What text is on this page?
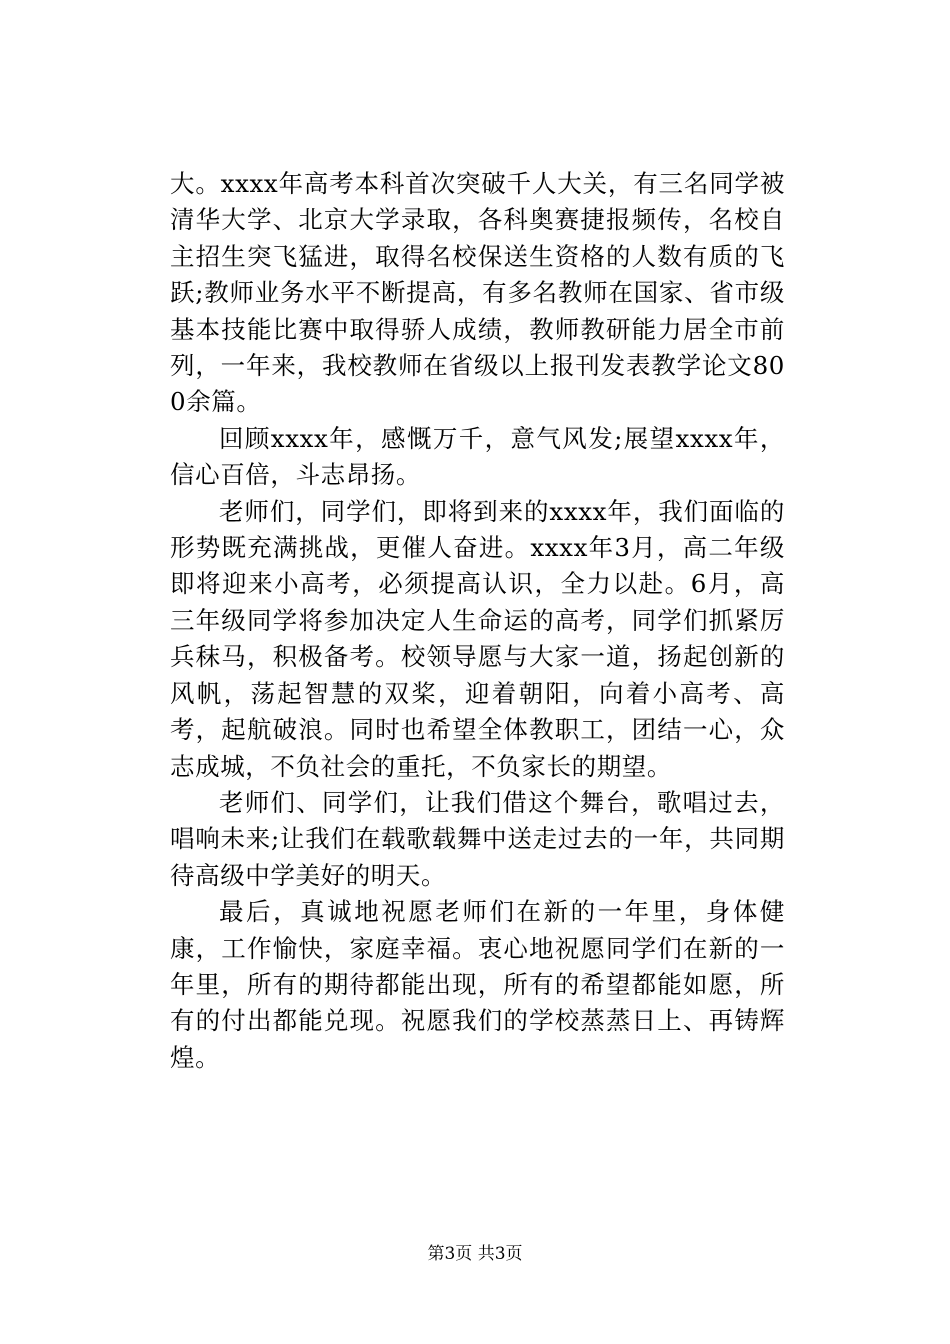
大。xxxx年高考本科首次突破千人大关，有三名同学被清华大学、北京大学录取，各科奥赛捷报频传，名校自主招生突飞猛进，取得名校保送生资格的人数有质的飞跃;教师业务水平不断提高，有多名教师在国家、省市级基本技能比赛中取得骄人成绩，教师教研能力居全市前列，一年来，我校教师在省级以上报刊发表教学论文800余篇。

回顾xxxx年，感慨万千，意气风发;展望xxxx年，信心百倍，斗志昂扬。

老师们，同学们，即将到来的xxxx年，我们面临的形势既充满挑战，更催人奋进。xxxx年3月，高二年级即将迎来小高考，必须提高认识，全力以赴。6月，高三年级同学将参加决定人生命运的高考，同学们抓紧厉兵秣马，积极备考。校领导愿与大家一道，扬起创新的风帆，荡起智慧的双桨，迎着朝阳，向着小高考、高考，起航破浪。同时也希望全体教职工，团结一心，众志成城，不负社会的重托，不负家长的期望。

老师们、同学们，让我们借这个舞台，歌唱过去，唱响未来;让我们在载歌载舞中送走过去的一年，共同期待高级中学美好的明天。

最后，真诚地祝愿老师们在新的一年里，身体健康，工作愉快，家庭幸福。衷心地祝愿同学们在新的一年里，所有的期待都能出现，所有的希望都能如愿，所有的付出都能兑现。祝愿我们的学校蒸蒸日上、再铸辉煌。

第3页 共3页
